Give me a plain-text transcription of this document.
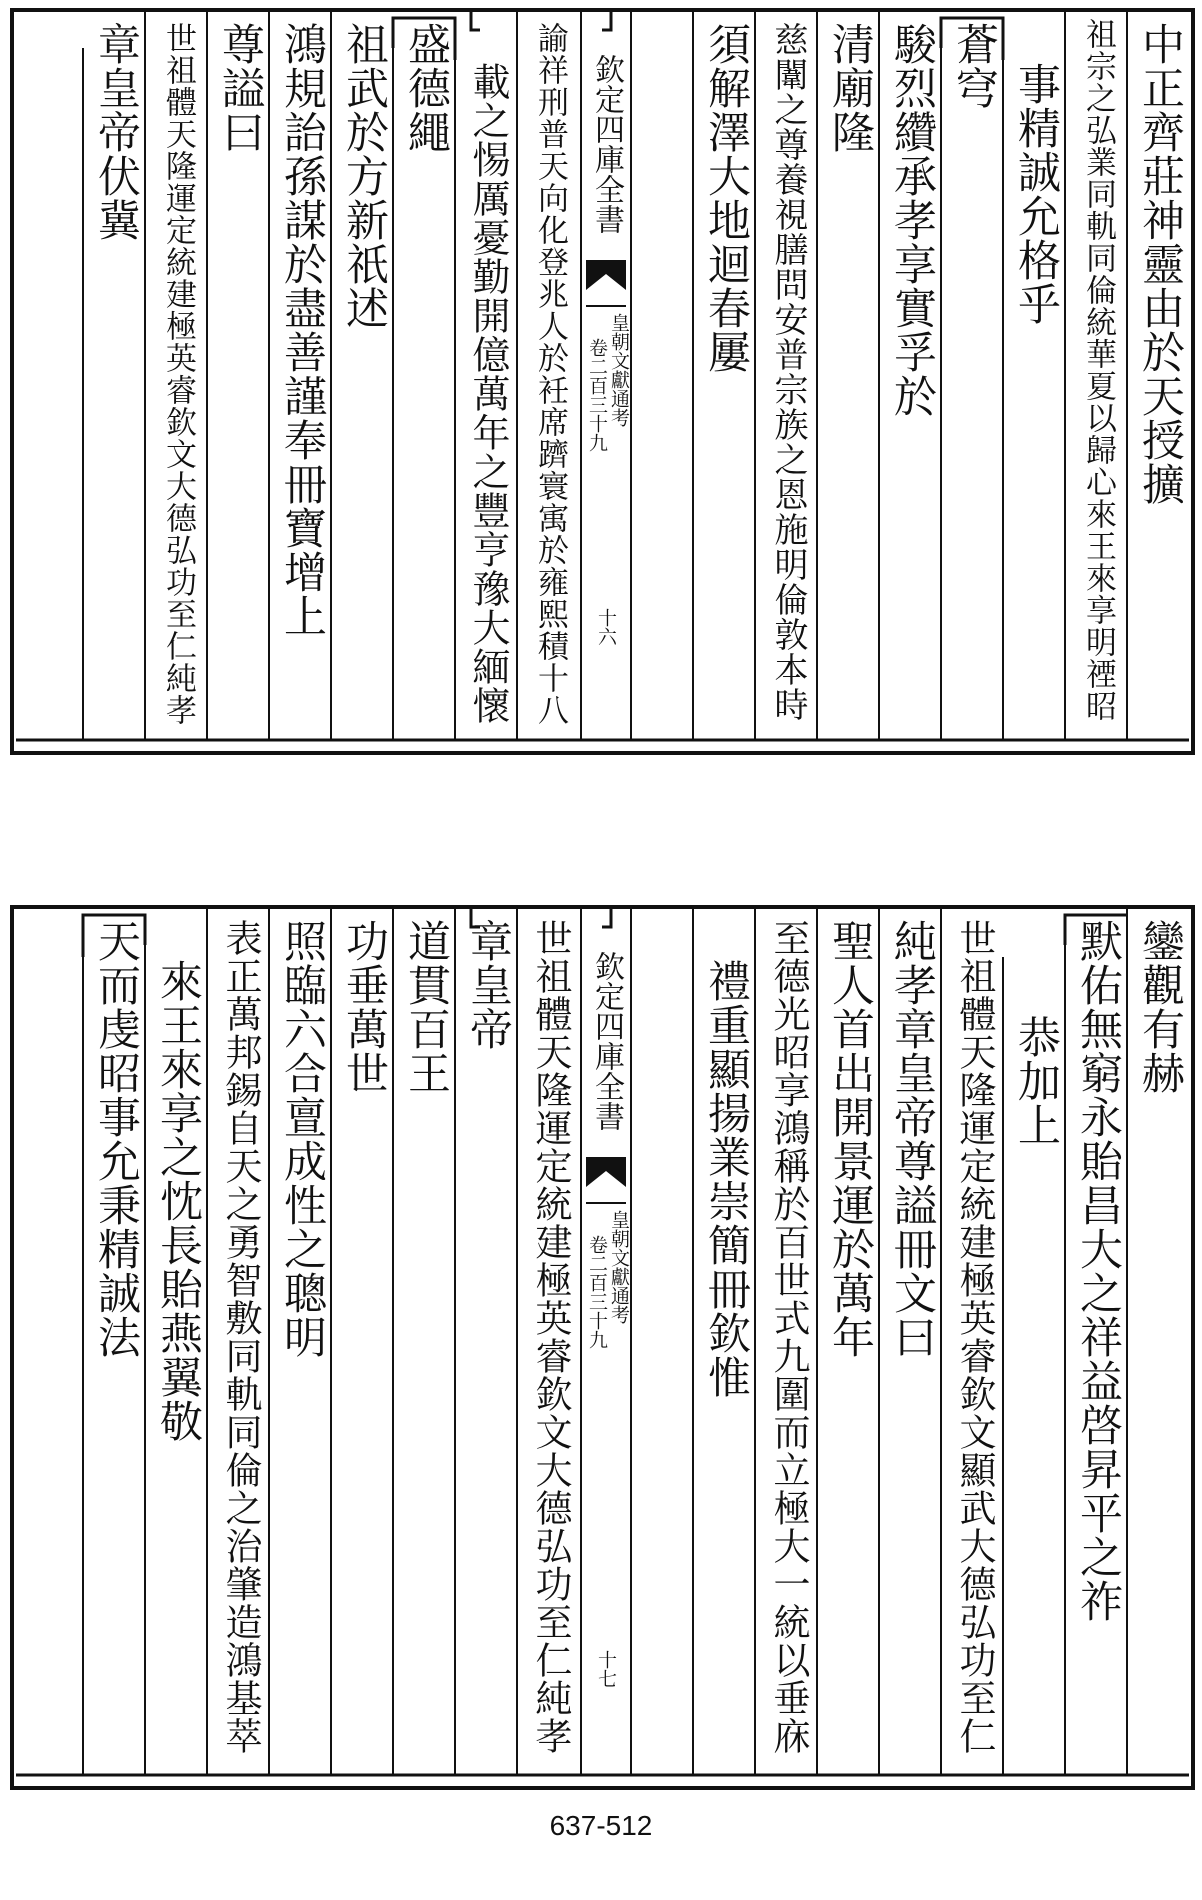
中正齊莊神靈由於天授擴
祖宗之弘業同軌同倫統華夏以歸心來王來享明禋昭
事精誠允格乎
蒼穹
駿烈纘承孝享實孚於
清廟隆
慈闈之尊養視膳問安普宗族之恩施明倫敦本時
須解澤大地迴春屢
欽定四庫全書
皇朝文獻通考
卷二百三十九
十六
諭祥刑普天向化登兆人於衽席躋寰㝢於雍熙積十八
載之惕厲憂勤開億萬年之豐亨豫大緬懷
盛德繩
祖武於方新祇述
鴻規詒孫謀於盡善謹奉冊寶增上
尊謚曰
世祖體天隆運定統建極英睿欽文大德弘功至仁純孝
章皇帝伏冀
鑾觀有赫
默佑無窮永貽昌大之祥益啓昇平之祚
恭加上
世祖體天隆運定統建極英睿欽文顯武大德弘功至仁
純孝章皇帝尊謚冊文曰
聖人首出開景運於萬年
至德光昭享鴻稱於百世式九圍而立極大一統以垂庥
禮重顯揚業崇簡冊欽惟
欽定四庫全書
皇朝文獻通考
卷二百三十九
十七
世祖體天隆運定統建極英睿欽文大德弘功至仁純孝
章皇帝
道貫百王
功垂萬世
照臨六合亶成性之聰明
表正萬邦錫自天之勇智敷同軌同倫之治肇造鴻基萃
來王來享之忱長貽燕翼敬
天而虔昭事允秉精誠法
637-512
